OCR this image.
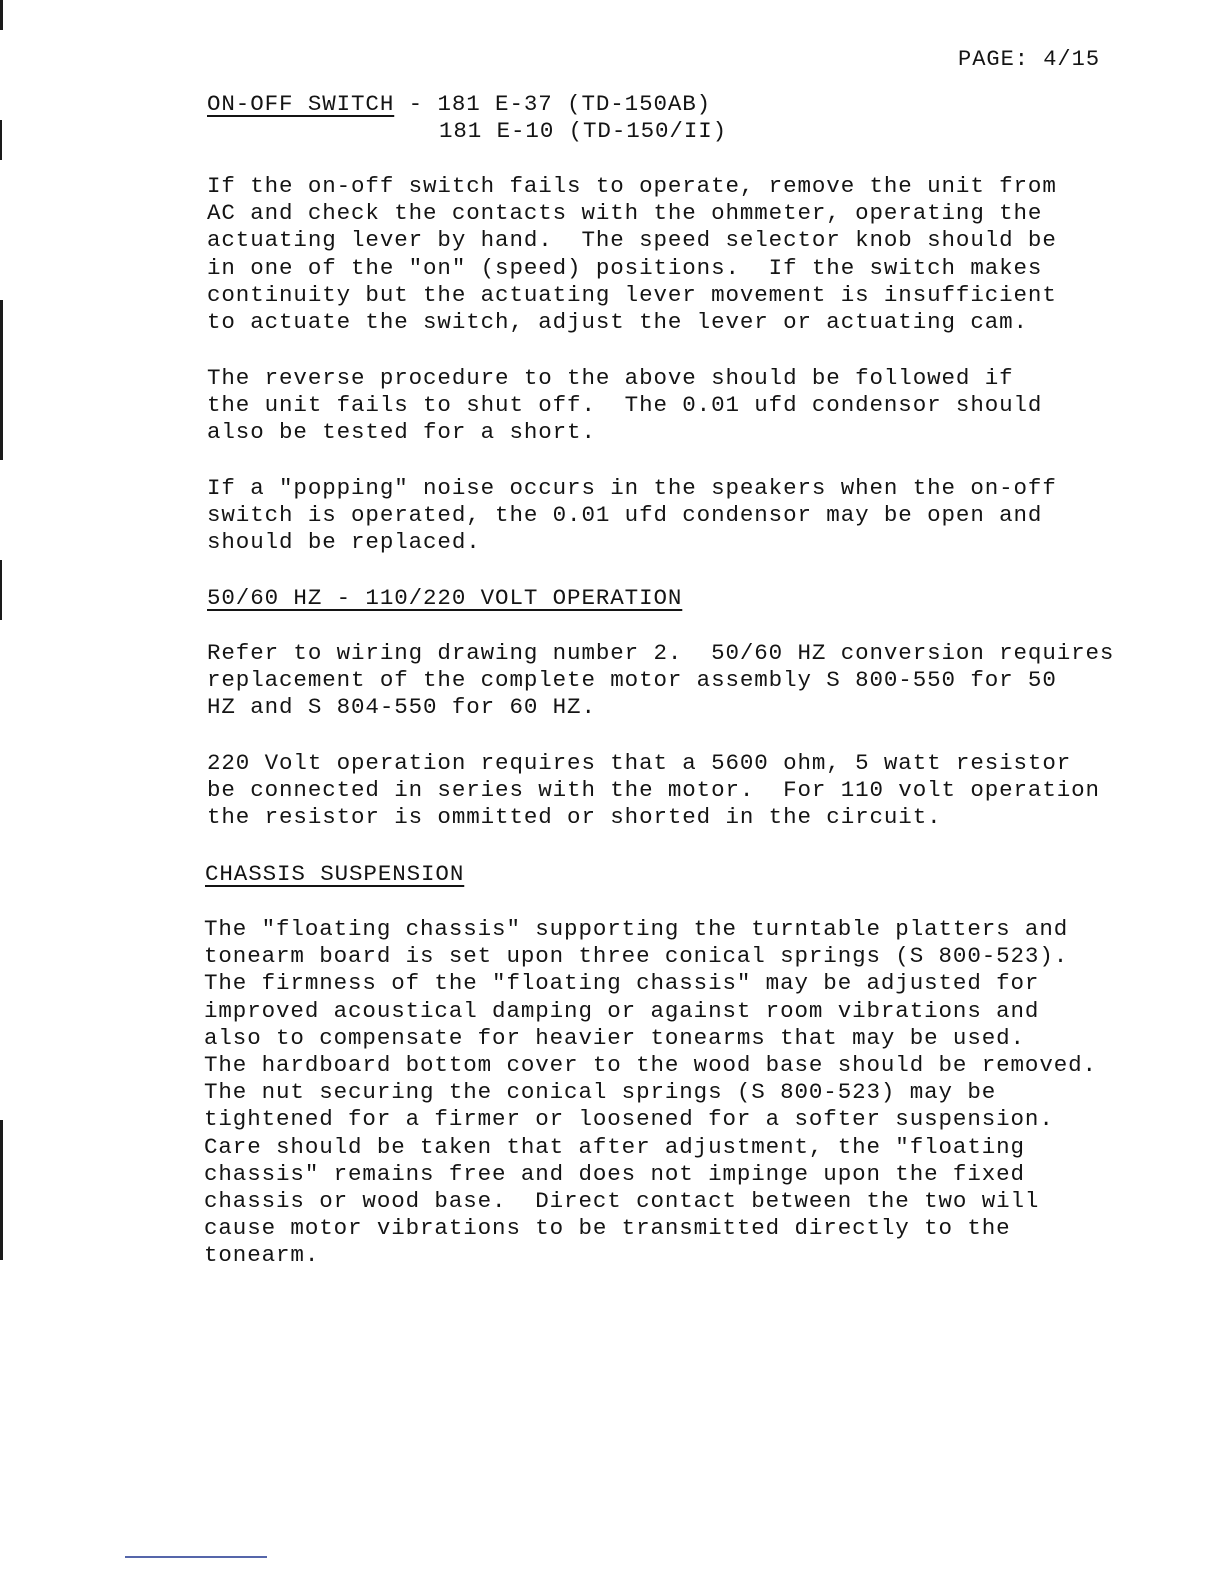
PAGE: 4/15
ON-OFF SWITCH - 181 E-37 (TD-150AB)
181 E-10 (TD-150/II)
If the on-off switch fails to operate, remove the unit from
AC and check the contacts with the ohmmeter, operating the
actuating lever by hand.  The speed selector knob should be
in one of the "on" (speed) positions.  If the switch makes
continuity but the actuating lever movement is insufficient
to actuate the switch, adjust the lever or actuating cam.
The reverse procedure to the above should be followed if
the unit fails to shut off.  The 0.01 ufd condensor should
also be tested for a short.
If a "popping" noise occurs in the speakers when the on-off
switch is operated, the 0.01 ufd condensor may be open and
should be replaced.
50/60 HZ - 110/220 VOLT OPERATION
Refer to wiring drawing number 2.  50/60 HZ conversion requires
replacement of the complete motor assembly S 800-550 for 50
HZ and S 804-550 for 60 HZ.
220 Volt operation requires that a 5600 ohm, 5 watt resistor
be connected in series with the motor.  For 110 volt operation
the resistor is ommitted or shorted in the circuit.
CHASSIS SUSPENSION
The "floating chassis" supporting the turntable platters and
tonearm board is set upon three conical springs (S 800-523).
The firmness of the "floating chassis" may be adjusted for
improved acoustical damping or against room vibrations and
also to compensate for heavier tonearms that may be used.
The hardboard bottom cover to the wood base should be removed.
The nut securing the conical springs (S 800-523) may be
tightened for a firmer or loosened for a softer suspension.
Care should be taken that after adjustment, the "floating
chassis" remains free and does not impinge upon the fixed
chassis or wood base.  Direct contact between the two will
cause motor vibrations to be transmitted directly to the
tonearm.
